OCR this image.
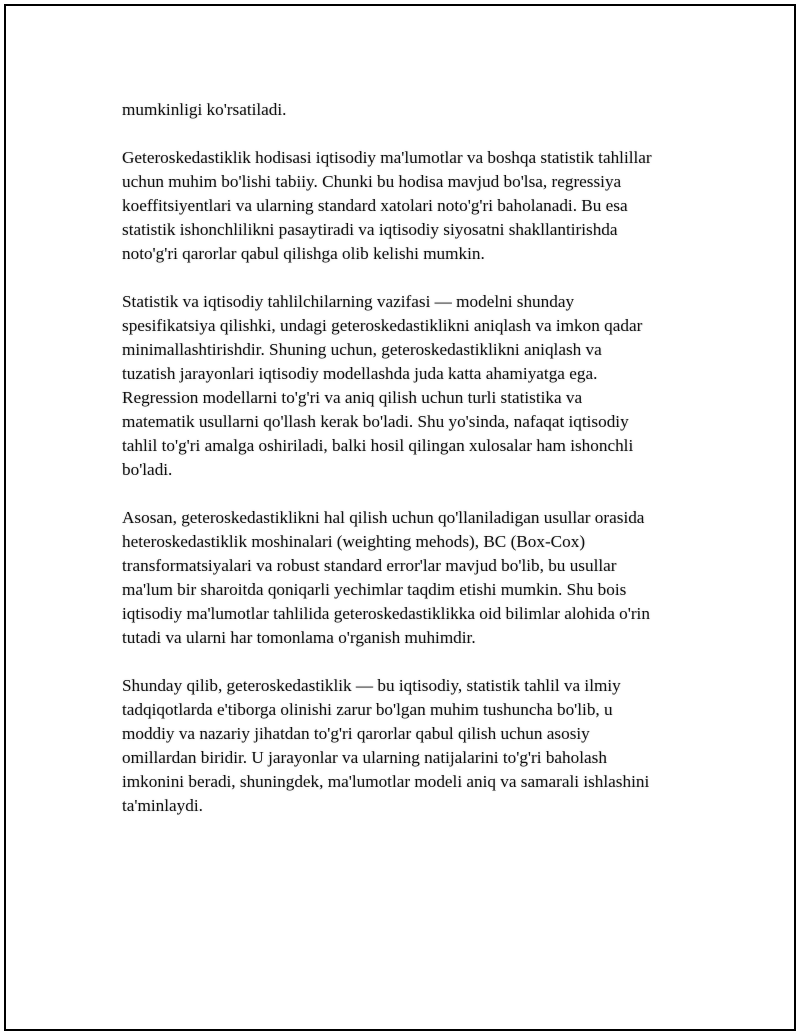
mumkinligi ko'rsatiladi.

Geteroskedastiklik hodisasi iqtisodiy ma'lumotlar va boshqa statistik tahlillar
uchun muhim bo'lishi tabiiy. Chunki bu hodisa mavjud bo'lsa, regressiya
koeffitsiyentlari va ularning standard xatolari noto'g'ri baholanadi. Bu esa
statistik ishonchlilikni pasaytiradi va iqtisodiy siyosatni shakllantirishda
noto'g'ri qarorlar qabul qilishga olib kelishi mumkin.

Statistik va iqtisodiy tahlilchilarning vazifasi — modelni shunday
spesifikatsiya qilishki, undagi geteroskedastiklikni aniqlash va imkon qadar
minimallashtirishdir. Shuning uchun, geteroskedastiklikni aniqlash va
tuzatish jarayonlari iqtisodiy modellashda juda katta ahamiyatga ega.
Regression modellarni to'g'ri va aniq qilish uchun turli statistika va
matematik usullarni qo'llash kerak bo'ladi. Shu yo'sinda, nafaqat iqtisodiy
tahlil to'g'ri amalga oshiriladi, balki hosil qilingan xulosalar ham ishonchli
bo'ladi.

Asosan, geteroskedastiklikni hal qilish uchun qo'llaniladigan usullar orasida
heteroskedastiklik moshinalari (weighting mehods), BC (Box-Cox)
transformatsiyalari va robust standard error'lar mavjud bo'lib, bu usullar
ma'lum bir sharoitda qoniqarli yechimlar taqdim etishi mumkin. Shu bois
iqtisodiy ma'lumotlar tahlilida geteroskedastiklikka oid bilimlar alohida o'rin
tutadi va ularni har tomonlama o'rganish muhimdir.

Shunday qilib, geteroskedastiklik — bu iqtisodiy, statistik tahlil va ilmiy
tadqiqotlarda e'tiborga olinishi zarur bo'lgan muhim tushuncha bo'lib, u
moddiy va nazariy jihatdan to'g'ri qarorlar qabul qilish uchun asosiy
omillardan biridir. U jarayonlar va ularning natijalarini to'g'ri baholash
imkonini beradi, shuningdek, ma'lumotlar modeli aniq va samarali ishlashini
ta'minlaydi.
